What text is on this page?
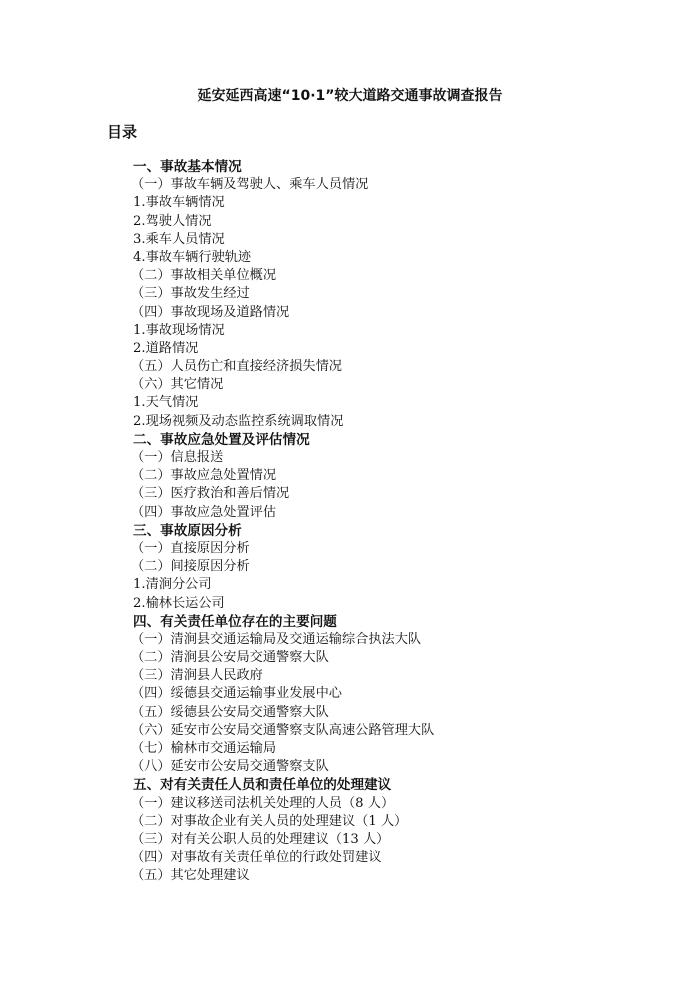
延安延西高速“10·1”较大道路交通事故调查报告
目录
一、事故基本情况
（一）事故车辆及驾驶人、乘车人员情况
1.事故车辆情况
2.驾驶人情况
3.乘车人员情况
4.事故车辆行驶轨迹
（二）事故相关单位概况
（三）事故发生经过
（四）事故现场及道路情况
1.事故现场情况
2.道路情况
（五）人员伤亡和直接经济损失情况
（六）其它情况
1.天气情况
2.现场视频及动态监控系统调取情况
二、事故应急处置及评估情况
（一）信息报送
（二）事故应急处置情况
（三）医疗救治和善后情况
（四）事故应急处置评估
三、事故原因分析
（一）直接原因分析
（二）间接原因分析
1.清涧分公司
2.榆林长运公司
四、有关责任单位存在的主要问题
（一）清涧县交通运输局及交通运输综合执法大队
（二）清涧县公安局交通警察大队
（三）清涧县人民政府
（四）绥德县交通运输事业发展中心
（五）绥德县公安局交通警察大队
（六）延安市公安局交通警察支队高速公路管理大队
（七）榆林市交通运输局
（八）延安市公安局交通警察支队
五、对有关责任人员和责任单位的处理建议
（一）建议移送司法机关处理的人员（8 人）
（二）对事故企业有关人员的处理建议（1 人）
（三）对有关公职人员的处理建议（13 人）
（四）对事故有关责任单位的行政处罚建议
（五）其它处理建议
